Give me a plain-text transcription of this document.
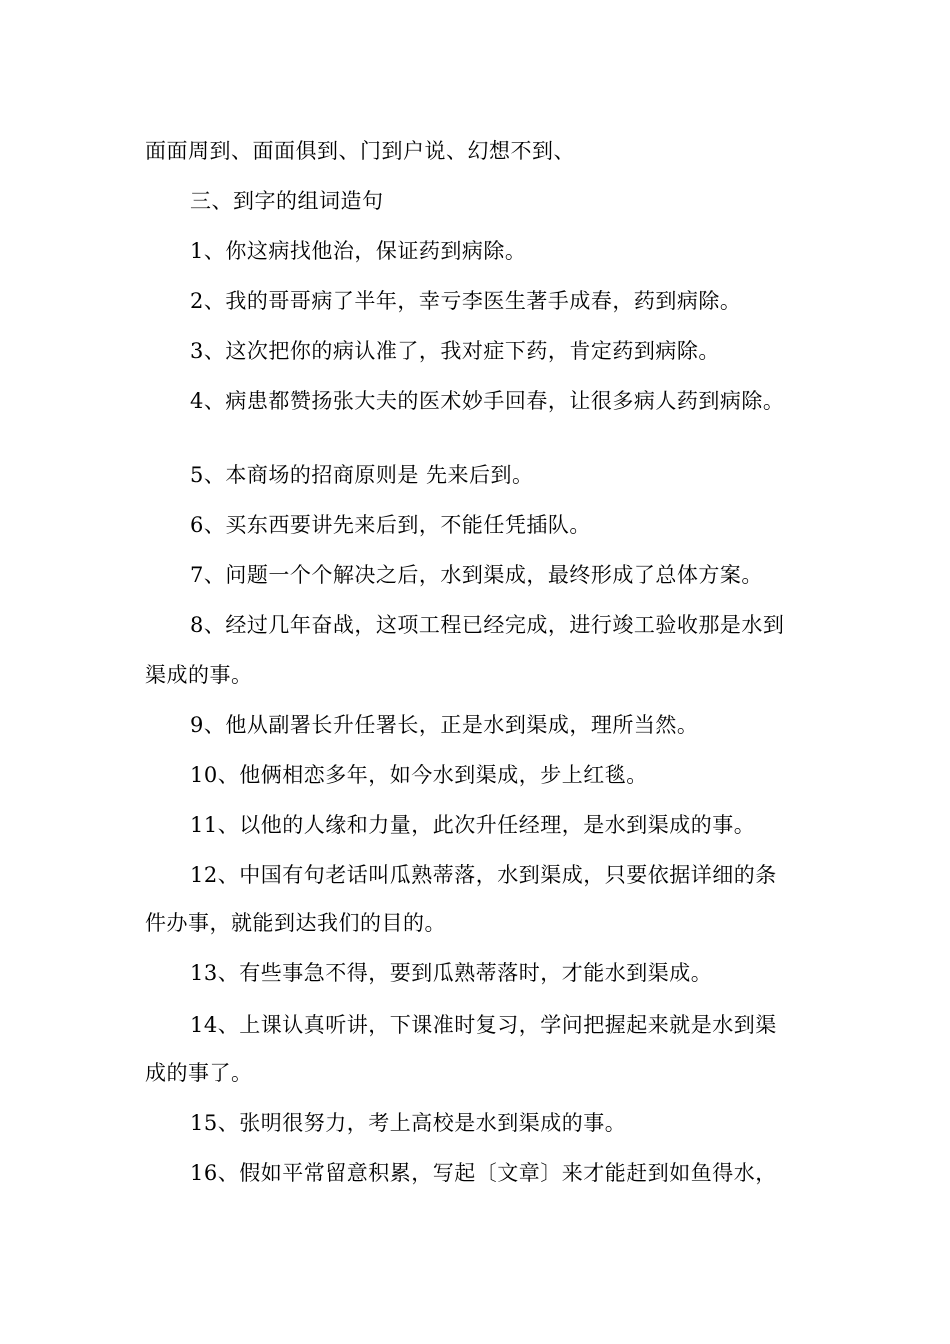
面面周到、面面俱到、门到户说、幻想不到、

三、到字的组词造句

1、你这病找他治，保证药到病除。

2、我的哥哥病了半年，幸亏李医生著手成春，药到病除。

3、这次把你的病认准了，我对症下药，肯定药到病除。

4、病患都赞扬张大夫的医术妙手回春，让很多病人药到病除。

5、本商场的招商原则是 先来后到。

6、买东西要讲先来后到，不能任凭插队。

7、问题一个个解决之后，水到渠成，最终形成了总体方案。

8、经过几年奋战，这项工程已经完成，进行竣工验收那是水到

渠成的事。

9、他从副署长升任署长，正是水到渠成，理所当然。

10、他俩相恋多年，如今水到渠成，步上红毯。

11、以他的人缘和力量，此次升任经理，是水到渠成的事。

12、中国有句老话叫瓜熟蒂落，水到渠成，只要依据详细的条

件办事，就能到达我们的目的。

13、有些事急不得，要到瓜熟蒂落时，才能水到渠成。

14、上课认真听讲，下课准时复习，学问把握起来就是水到渠

成的事了。

15、张明很努力，考上高校是水到渠成的事。

16、假如平常留意积累，写起〔文章〕来才能赶到如鱼得水，
